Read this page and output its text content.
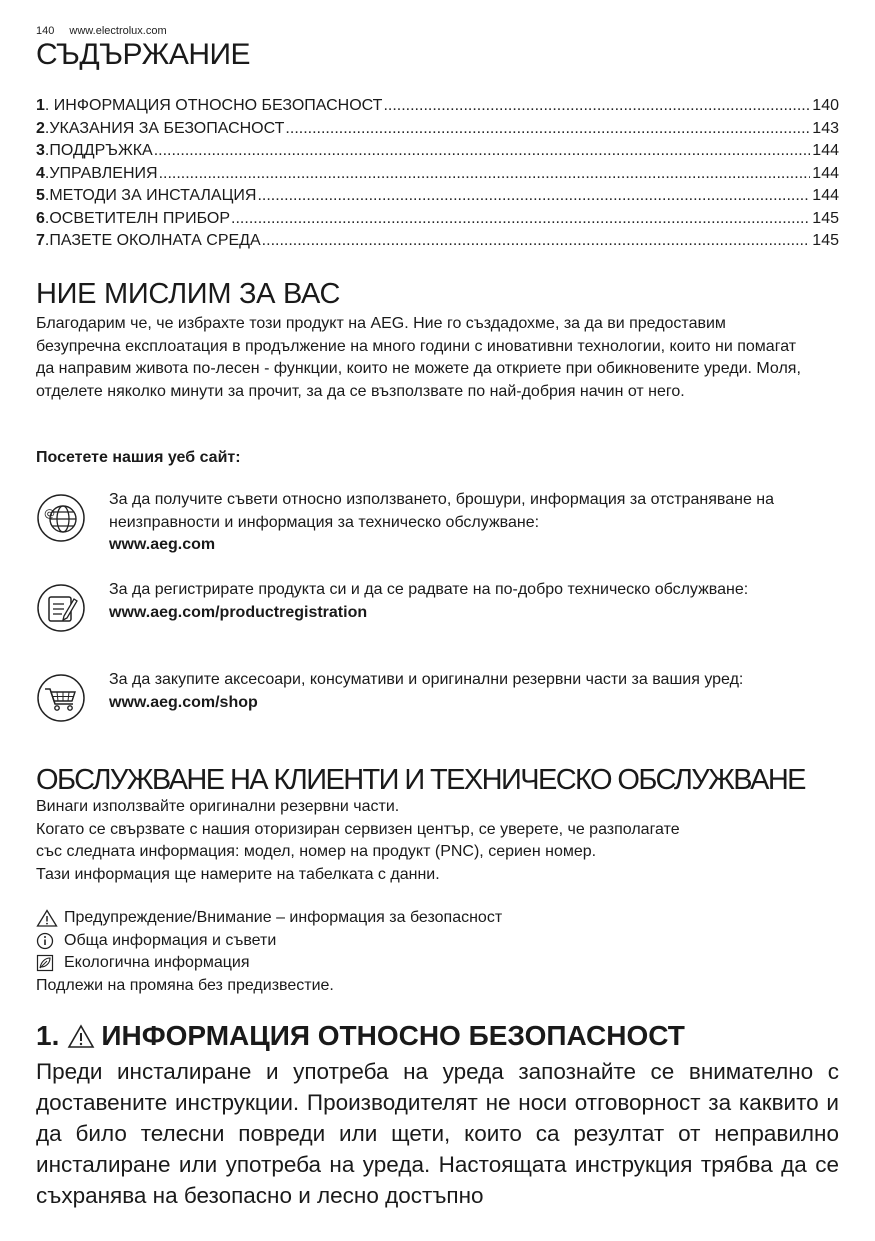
140 www.electrolux.com
СЪДЪРЖАНИЕ
1 . ИНФОРМАЦИЯ ОТНОСНО БЕЗОПАСНОСТ .....	140
2 .УКАЗАНИЯ ЗА БЕЗОПАСНОСТ .....	143
3 .ПОДДРЪЖКА .....	144
4 .УПРАВЛЕНИЯ .....	144
5 .МЕТОДИ ЗА ИНСТАЛАЦИЯ .....	144
6 .ОСВЕТИТЕЛН ПРИБОР .....	145
7 .ПАЗЕТЕ ОКОЛНАТА СРЕДА .....	145
НИЕ МИСЛИМ ЗА ВАС

Благодарим че, че избрахте този продукт на AEG. Ние го създадохме, за да ви предоставим безупречна експлоатация в продължение на много години с иновативни технологии, които ни помагат да направим живота по-лесен - функции, които не можете да откриете при обикновените уреди. Моля, отделете няколко минути за прочит, за да се възползвате по най-добрия начин от него.

Посетете нашия уеб сайт:

@
За да получите съвети относно използването, брошури, информация за отстраняване на неизправности и информация за техническо обслужване:
www.aeg.com
За да регистрирате продукта си и да се радвате на по-добро техническо обслужване:
www.aeg.com/productregistration
За да закупите аксесоари, консумативи и оригинални резервни части за вашия уред:
www.aeg.com/shop
ОБСЛУЖВАНЕ НА КЛИЕНТИ И ТЕХНИЧЕСКО ОБСЛУЖВАНЕ
Винаги използвайте оригинални резервни части.
Когато се свързвате с нашия оторизиран сервизен център, се уверете, че разполагате
със следната информация: модел, номер на продукт (PNC), сериен номер.
Тази информация ще намерите на табелката с данни.
Предупреждение/Внимание – информация за безопасност
Обща информация и съвети
Екологична информация
Подлежи на промяна без предизвестие.
1. ИНФОРМАЦИЯ ОТНОСНО БЕЗОПАСНОСТ

Преди инсталиране и употреба на уреда запознайте се внимателно с доставените инструкции. Производителят не носи отговорност за каквито и да било телесни повреди или щети, които са резултат от неправилно инсталиране или употреба на уреда. Настоящата инструкция трябва да се съхранява на безопасно и лесно достъпно
